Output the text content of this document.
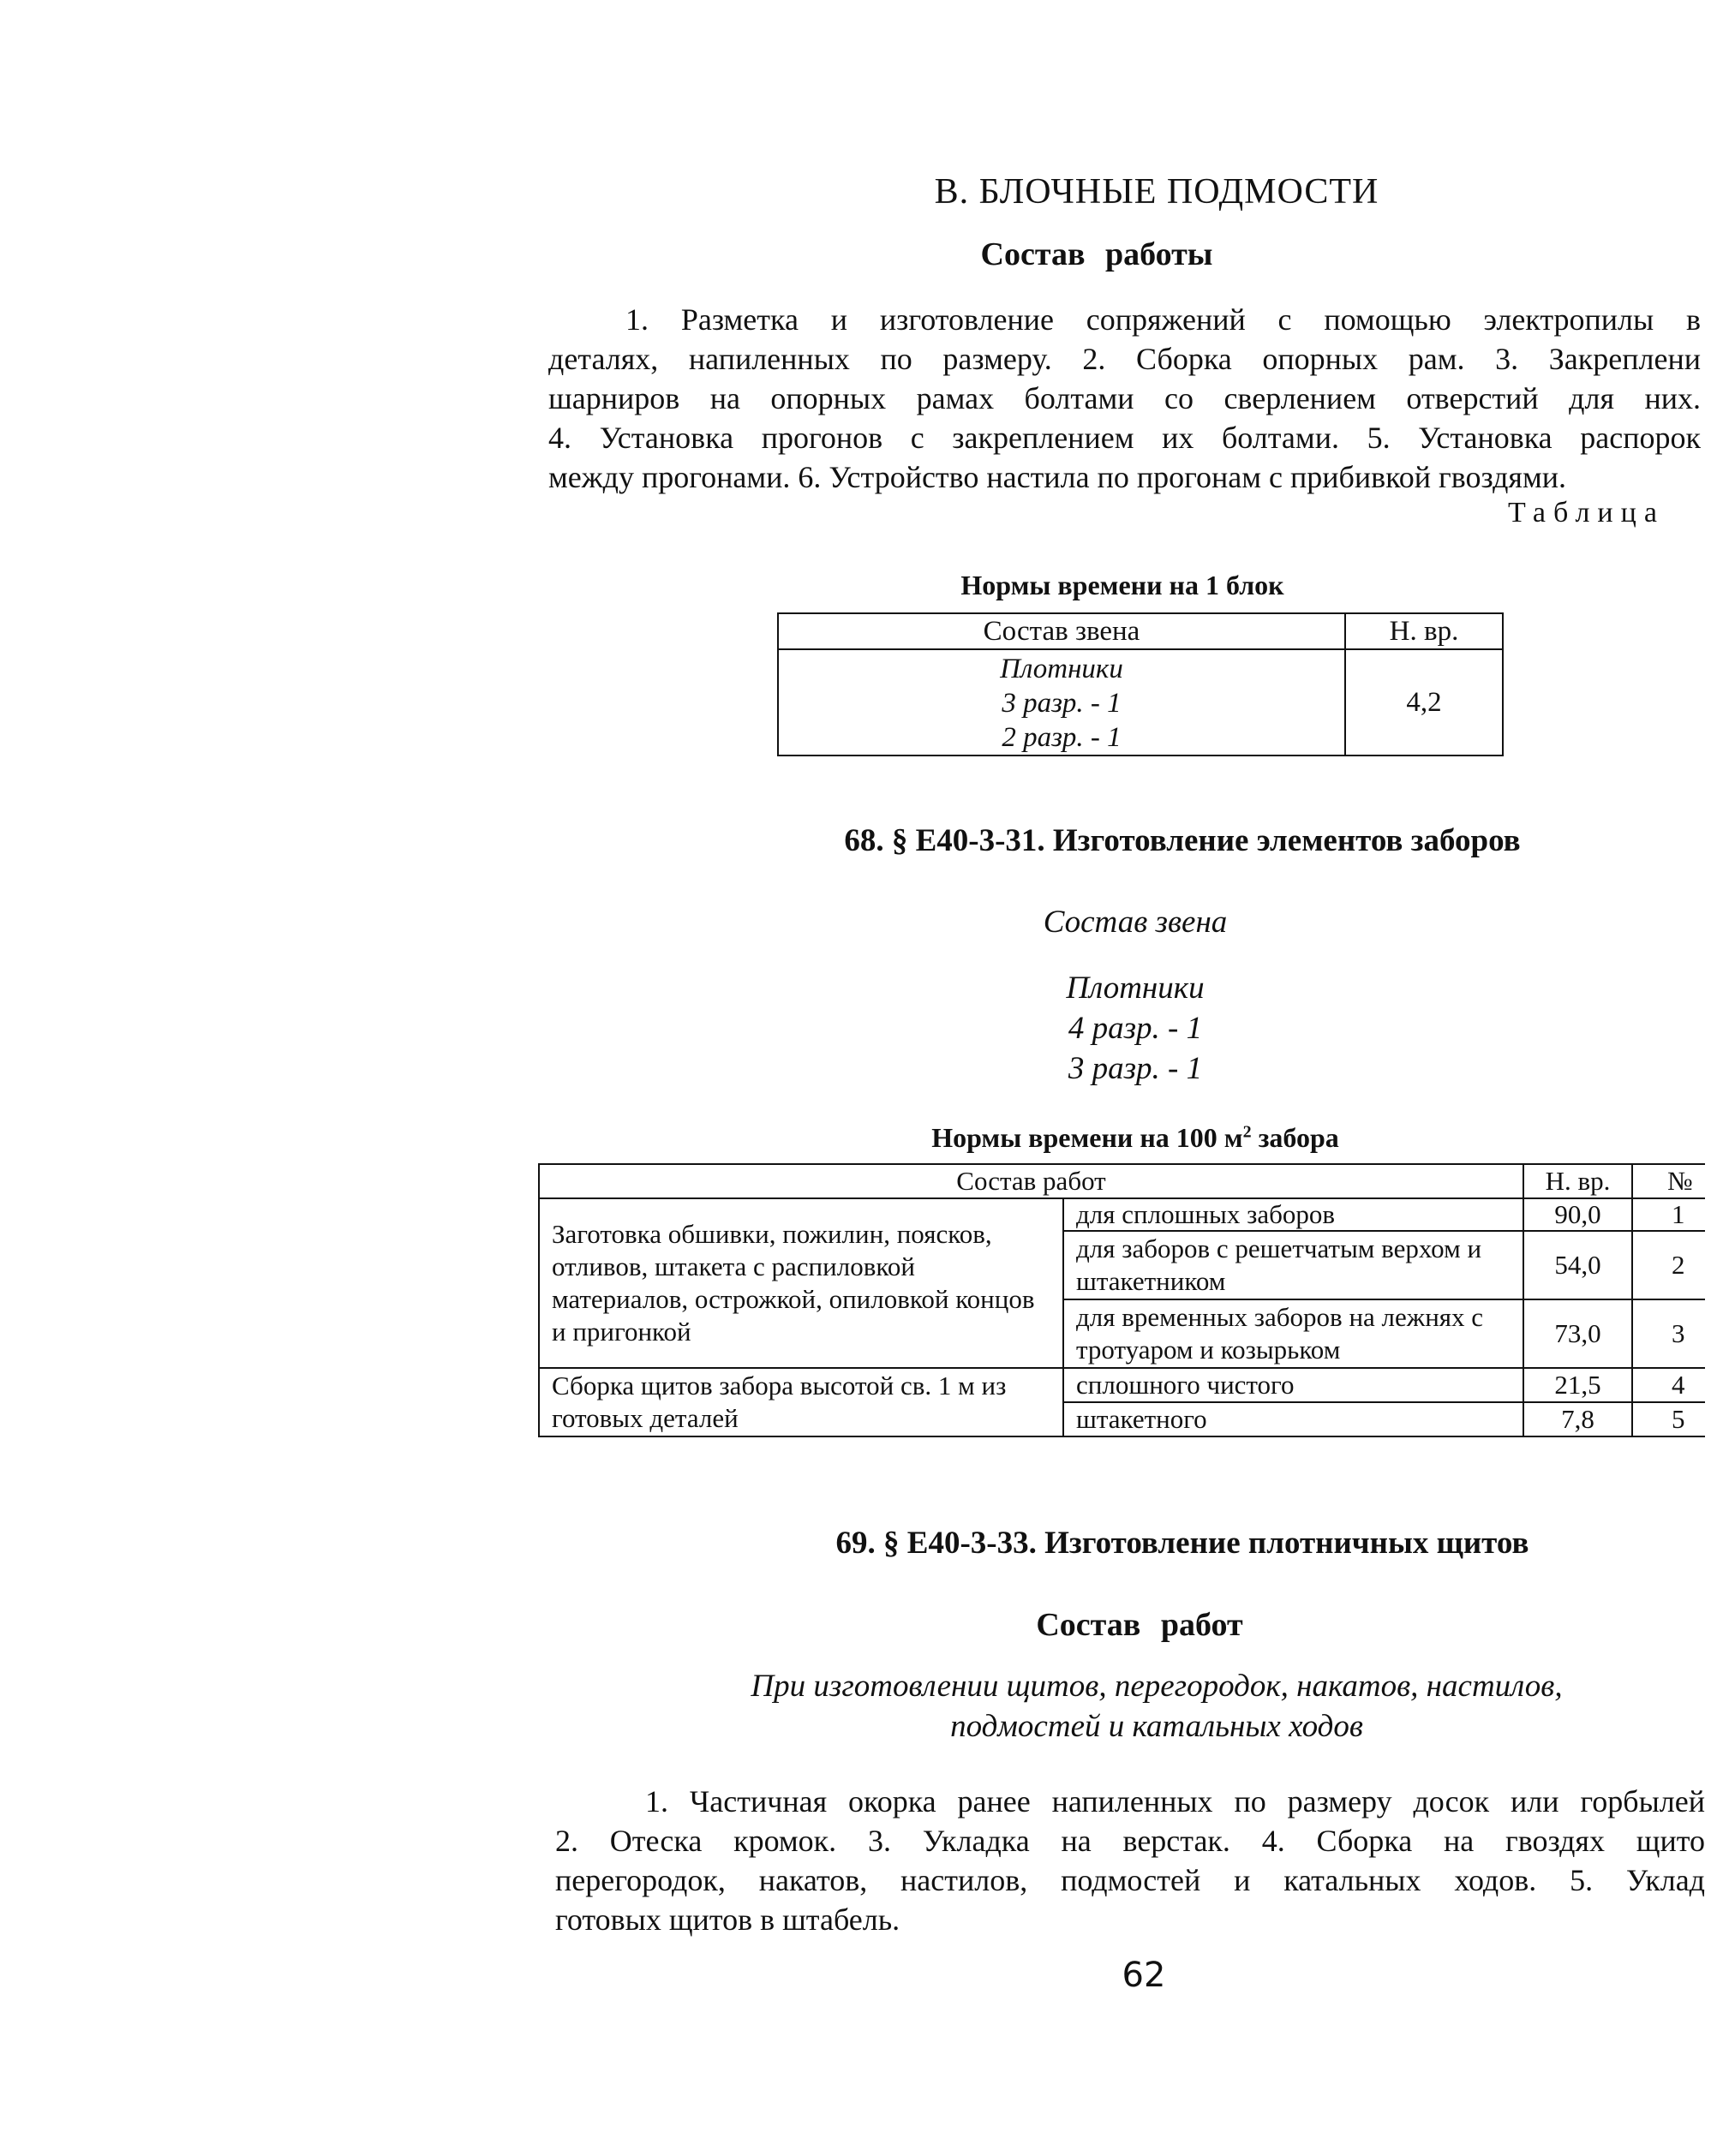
В. БЛОЧНЫЕ ПОДМОСТИ
Состав работы
1. Разметка и изготовление сопряжений с помощью электропилы в
деталях, напиленных по размеру. 2. Сборка опорных рам. 3. Закреплени
шарниров на опорных рамах болтами со сверлением отверстий для них.
4. Установка прогонов с закреплением их болтами. 5. Установка распорок
между прогонами. 6. Устройство настила по прогонам с прибивкой гвоздями.
Таблица
Нормы времени на 1 блок
Состав звена	Н. вр.

Плотники
3 разр. - 1
2 разр. - 1	4,2
68. § Е40-3-31. Изготовление элементов заборов
Состав звена
Плотники
4 разр. - 1
3 разр. - 1
Нормы времени на 100 $м^2$ забора
Состав работ		Н. вр.	№
Заготовка обшивки, пожилин, поясков, отливов, штакета с распиловкой материалов, острожкой, опиловкой концов и пригонкой	для сплошных заборов	90,0	1
	для заборов с решетчатым верхом и штакетником	54,0	2
	для временных заборов на лежнях с тротуаром и козырьком	73,0	3
Сборка щитов забора высотой св. 1 м из готовых деталей	сплошного чистого	21,5	4
	штакетного	7,8	5
69. § Е40-3-33. Изготовление плотничных щитов
Состав работ
При изготовлении щитов, перегородок, накатов, настилов,
подмостей и катальных ходов
1. Частичная окорка ранее напиленных по размеру досок или горбылей
2. Отеска кромок. 3. Укладка на верстак. 4. Сборка на гвоздях щито
перегородок, накатов, настилов, подмостей и катальных ходов. 5. Уклад
готовых щитов в штабель.
62
